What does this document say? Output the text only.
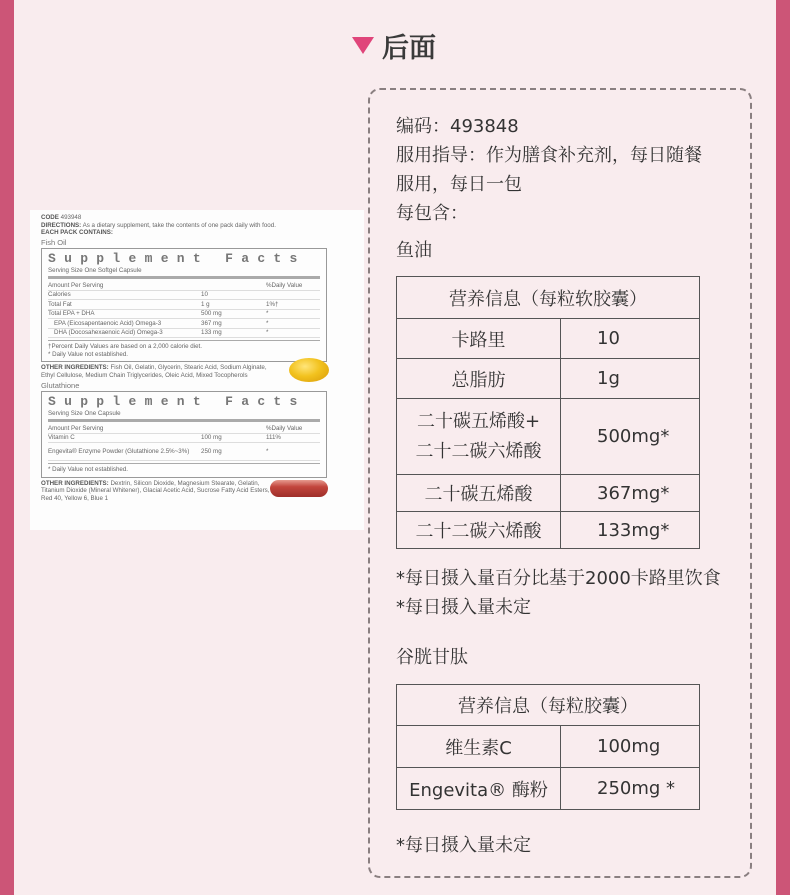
后面
CODE 493948
DIRECTIONS: As a dietary supplement, take the contents of one pack daily with food.
EACH PACK CONTAINS:
Fish Oil
Supplement Facts
Serving Size One Softgel Capsule
Amount Per Serving	%Daily Value
Calories	10
Total Fat	1 g	1%†
Total EPA + DHA	500 mg	*
EPA (Eicosapentaenoic Acid) Omega-3	367 mg	*
DHA (Docosahexaenoic Acid) Omega-3	133 mg	*
†Percent Daily Values are based on a 2,000 calorie diet.
* Daily Value not established.
OTHER INGREDIENTS: Fish Oil, Gelatin, Glycerin, Stearic Acid, Sodium Alginate, Ethyl Cellulose, Medium Chain Triglycerides, Oleic Acid, Mixed Tocopherols
Glutathione
Supplement Facts
Serving Size One Capsule
Amount Per Serving	%Daily Value
Vitamin C	100 mg	111%
Engevita® Enzyme Powder (Glutathione 2.5%~3%)	250 mg	*
* Daily Value not established.
OTHER INGREDIENTS: Dextrin, Silicon Dioxide, Magnesium Stearate, Gelatin, Titanium Dioxide (Mineral Whitener), Glacial Acetic Acid, Sucrose Fatty Acid Esters, Red 40, Yellow 6, Blue 1
编码：493848
服用指导：作为膳食补充剂，每日随餐
服用，每日一包
每包含：
鱼油
营养信息（每粒软胶囊）	
卡路里	10
总脂肪	1g
二十碳五烯酸+
二十二碳六烯酸	500mg*
二十碳五烯酸	367mg*
二十二碳六烯酸	133mg*
*每日摄入量百分比基于2000卡路里饮食
*每日摄入量未定
谷胱甘肽
营养信息（每粒胶囊）	
维生素C	100mg
Engevita® 酶粉	250mg *
*每日摄入量未定
